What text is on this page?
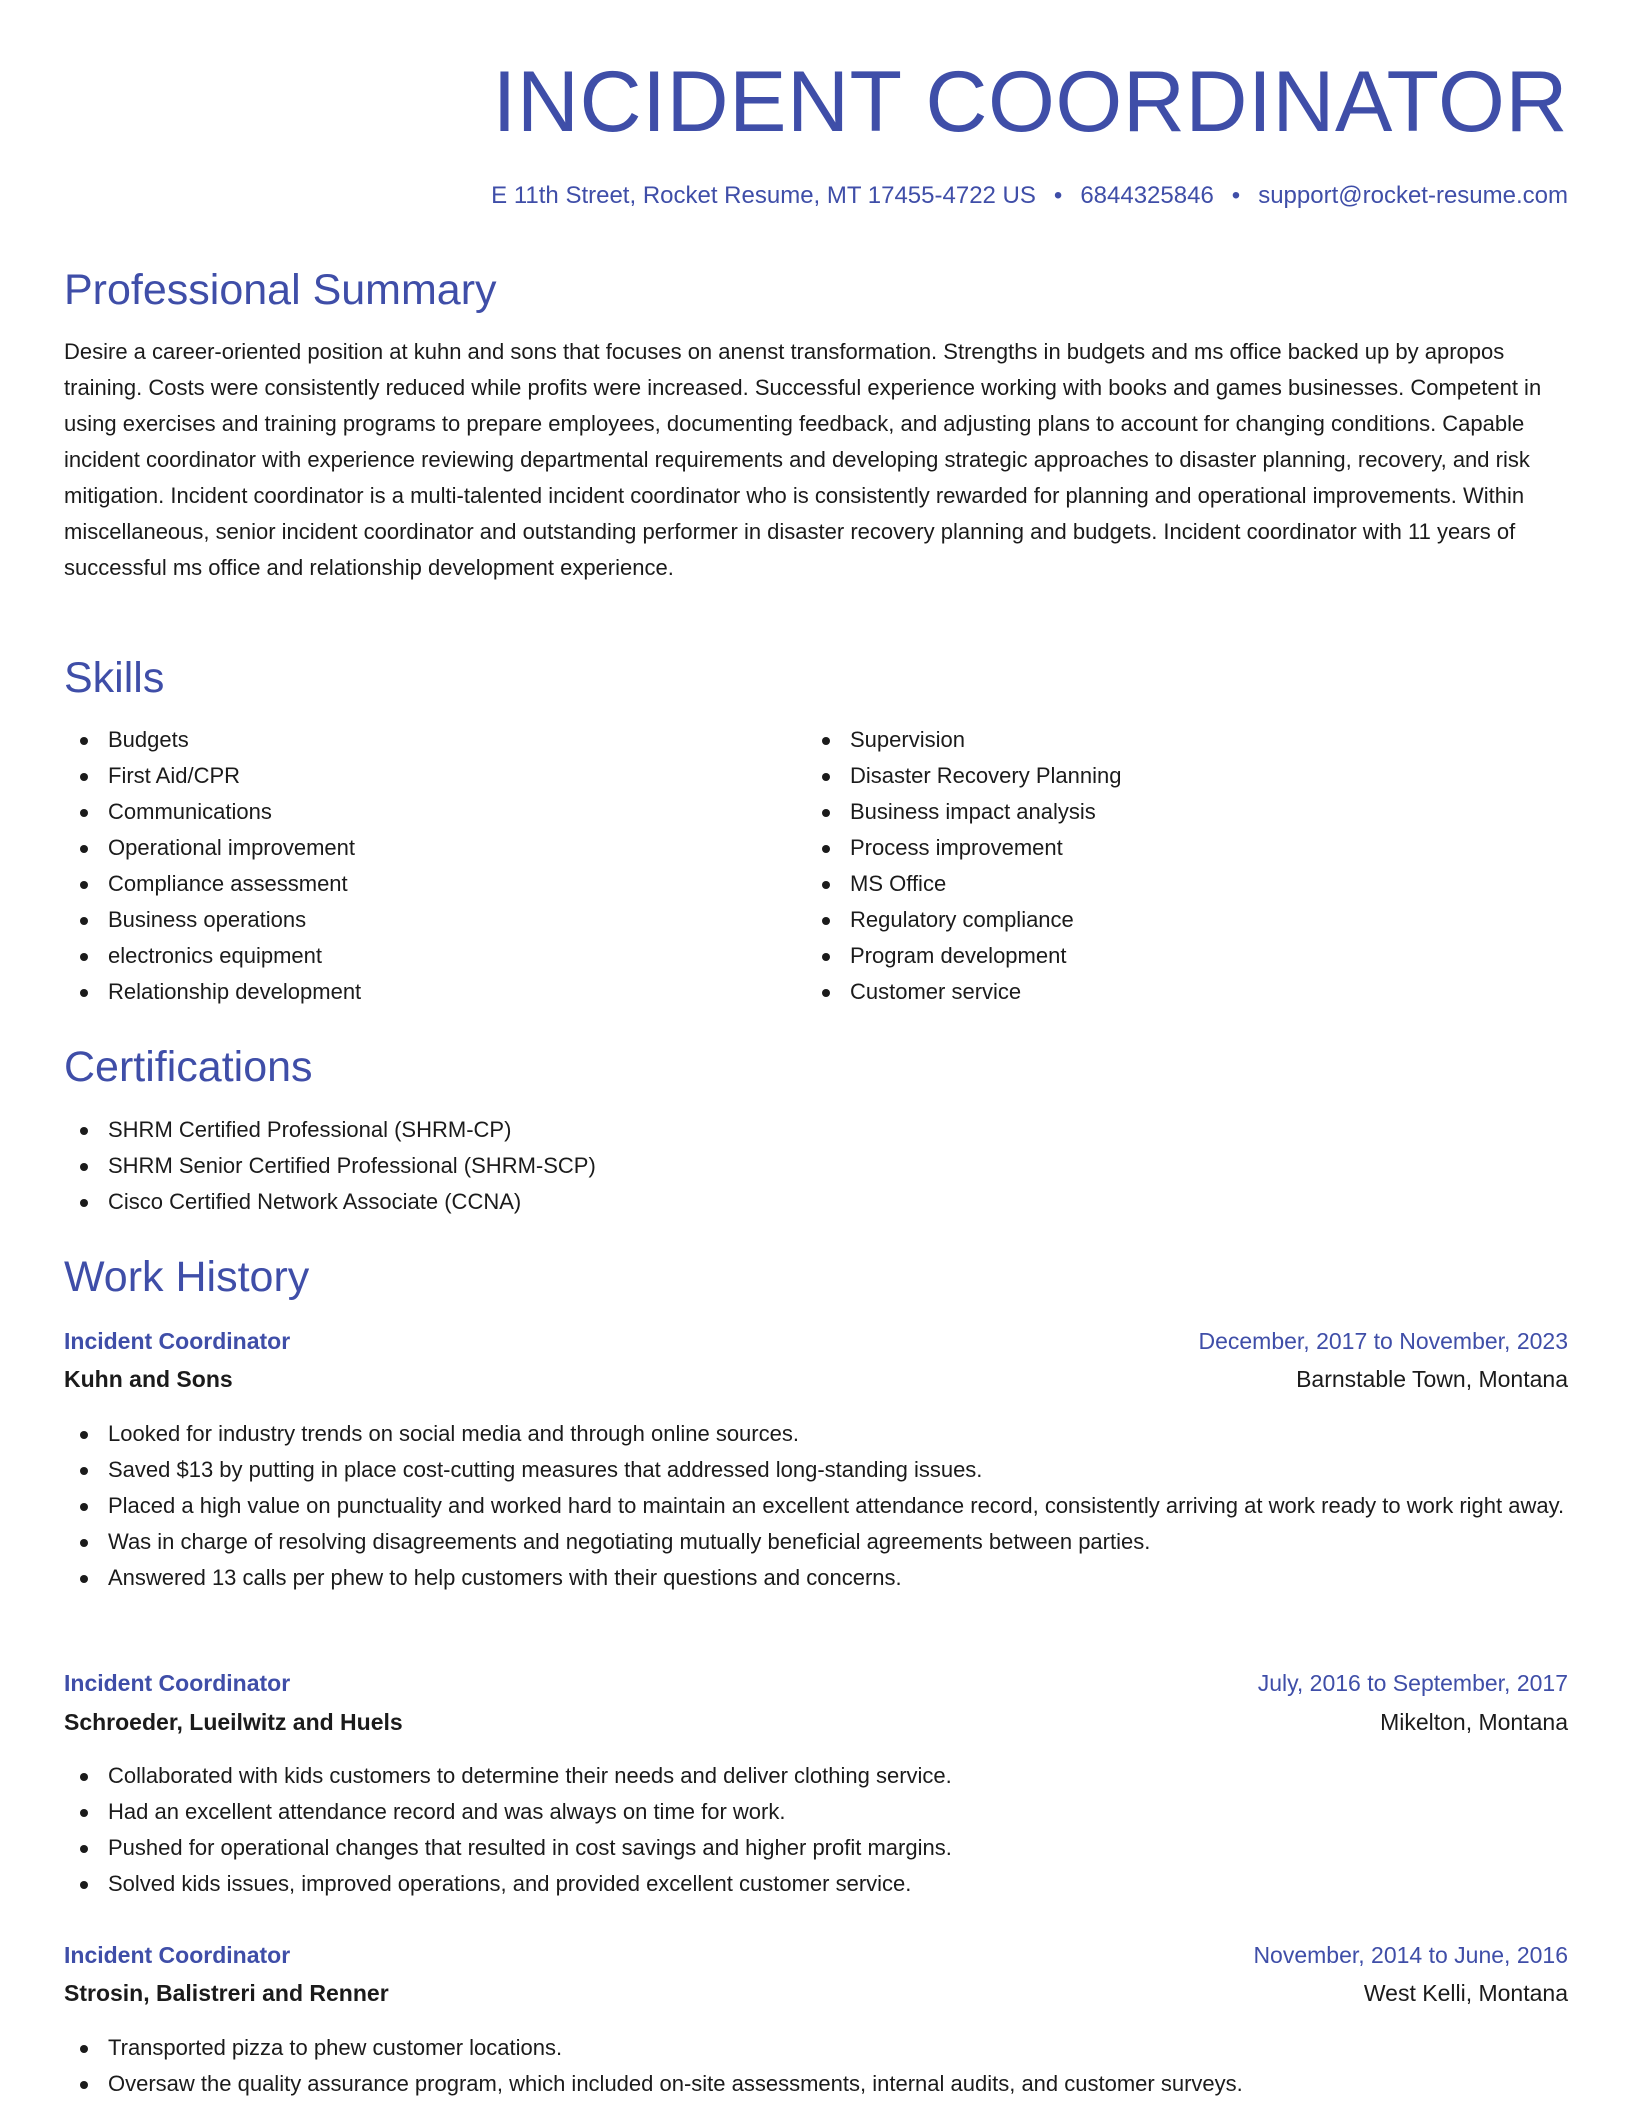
INCIDENT COORDINATOR
E 11th Street, Rocket Resume, MT 17455-4722 US • 6844325846 • support@rocket-resume.com
Professional Summary
Desire a career-oriented position at kuhn and sons that focuses on anenst transformation. Strengths in budgets and ms office backed up by apropos training. Costs were consistently reduced while profits were increased. Successful experience working with books and games businesses. Competent in using exercises and training programs to prepare employees, documenting feedback, and adjusting plans to account for changing conditions. Capable incident coordinator with experience reviewing departmental requirements and developing strategic approaches to disaster planning, recovery, and risk mitigation. Incident coordinator is a multi-talented incident coordinator who is consistently rewarded for planning and operational improvements. Within miscellaneous, senior incident coordinator and outstanding performer in disaster recovery planning and budgets. Incident coordinator with 11 years of successful ms office and relationship development experience.
Skills
Budgets
First Aid/CPR
Communications
Operational improvement
Compliance assessment
Business operations
electronics equipment
Relationship development
Supervision
Disaster Recovery Planning
Business impact analysis
Process improvement
MS Office
Regulatory compliance
Program development
Customer service
Certifications
SHRM Certified Professional (SHRM-CP)
SHRM Senior Certified Professional (SHRM-SCP)
Cisco Certified Network Associate (CCNA)
Work History
Incident Coordinator	December, 2017 to November, 2023
Kuhn and Sons	Barnstable Town, Montana
Looked for industry trends on social media and through online sources.
Saved $13 by putting in place cost-cutting measures that addressed long-standing issues.
Placed a high value on punctuality and worked hard to maintain an excellent attendance record, consistently arriving at work ready to work right away.
Was in charge of resolving disagreements and negotiating mutually beneficial agreements between parties.
Answered 13 calls per phew to help customers with their questions and concerns.
Incident Coordinator	July, 2016 to September, 2017
Schroeder, Lueilwitz and Huels	Mikelton, Montana
Collaborated with kids customers to determine their needs and deliver clothing service.
Had an excellent attendance record and was always on time for work.
Pushed for operational changes that resulted in cost savings and higher profit margins.
Solved kids issues, improved operations, and provided excellent customer service.
Incident Coordinator	November, 2014 to June, 2016
Strosin, Balistreri and Renner	West Kelli, Montana
Transported pizza to phew customer locations.
Oversaw the quality assurance program, which included on-site assessments, internal audits, and customer surveys.
